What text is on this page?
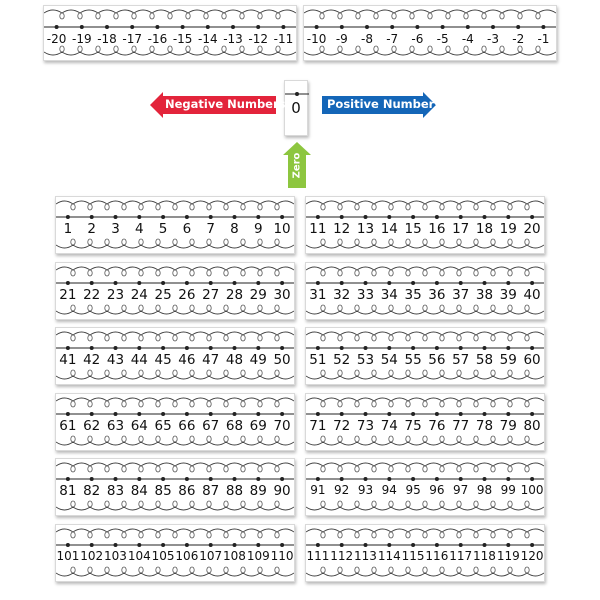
-20 -19 -18 -17 -16 -15 -14 -13 -12 -11 -10 -9	-8	-7	-6	-5	-4	-3	-2	-1
0
Negative Numbers	Positive Numbers
Zero
1	2	3	4	5	6	7	8	9 10 11 12 13 14 15 16 17 18 19 20
21 22 23 24 25 26 27 28 29 30 31 32 33 34 35 36 37 38 39 40
41 42 43 44 45 46 47 48 49 50 51 52 53 54 55 56 57 58 59 60
61 62 63 64 65 66 67 68 69 70 71 72 73 74 75 76 77 78 79 80
81 82 83 84 85 86 87 88 89 90	91 92 93 94 95 96 97 98 99 100
101 102 103 104 105 106 107 108 109 110 111 112 113 114 115 116 117 118 119 120
